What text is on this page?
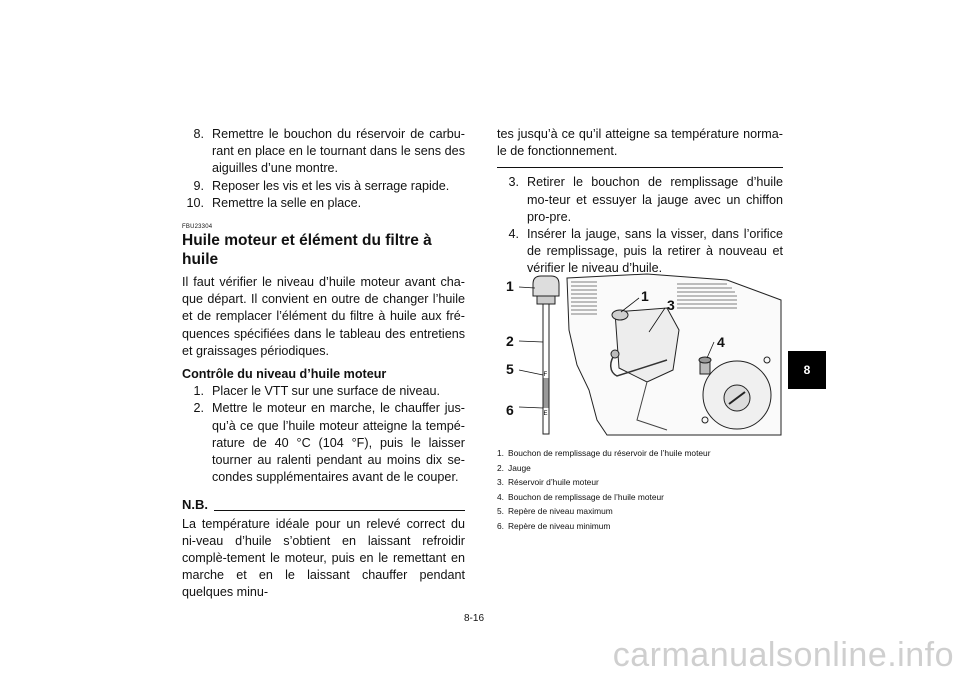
8. Remettre le bouchon du réservoir de carbu-rant en place en le tournant dans le sens des aiguilles d’une montre.
9. Reposer les vis et les vis à serrage rapide.
10. Remettre la selle en place.
FBU23304
Huile moteur et élément du filtre à huile
Il faut vérifier le niveau d’huile moteur avant cha-que départ. Il convient en outre de changer l’huile et de remplacer l’élément du filtre à huile aux fré-quences spécifiées dans le tableau des entretiens et graissages périodiques.
Contrôle du niveau d’huile moteur
1. Placer le VTT sur une surface de niveau.
2. Mettre le moteur en marche, le chauffer jus-qu’à ce que l’huile moteur atteigne la tempé-rature de 40 °C (104 °F), puis le laisser tourner au ralenti pendant au moins dix se-condes supplémentaires avant de le couper.
N.B.
La température idéale pour un relevé correct du ni-veau d’huile s’obtient en laissant refroidir complè-tement le moteur, puis en le remettant en marche et en le laissant chauffer pendant quelques minu-
tes jusqu’à ce qu’il atteigne sa température norma-le de fonctionnement.
3. Retirer le bouchon de remplissage d’huile mo-teur et essuyer la jauge avec un chiffon pro-pre.
4. Insérer la jauge, sans la visser, dans l’orifice de remplissage, puis la retirer à nouveau et vérifier le niveau d’huile.
F
E
1
2
5
6
1
3
4
1. Bouchon de remplissage du réservoir de l’huile moteur
2. Jauge
3. Réservoir d’huile moteur
4. Bouchon de remplissage de l’huile moteur
5. Repère de niveau maximum
6. Repère de niveau minimum
8-16
8
carmanualsonline.info
